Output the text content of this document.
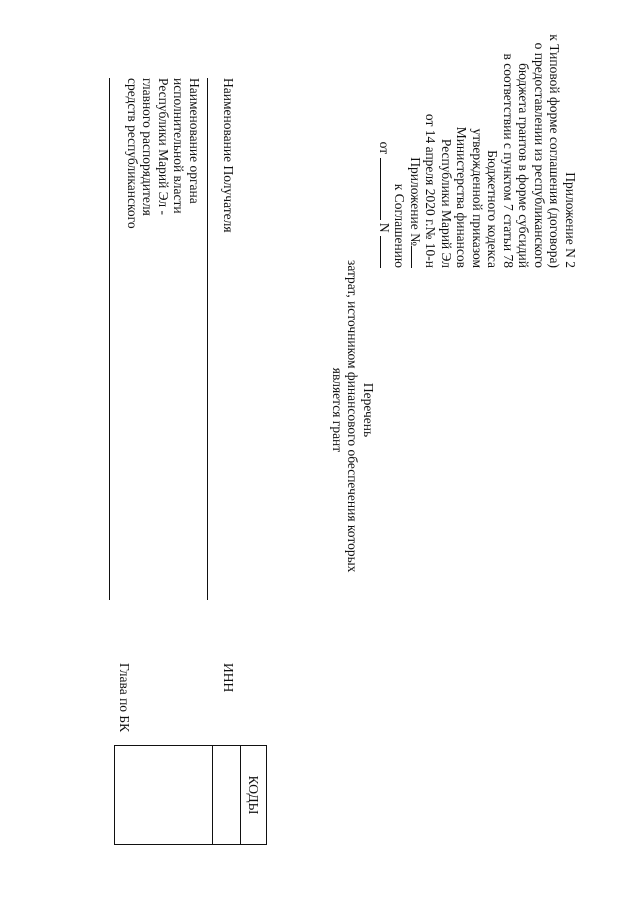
Приложение N 2
к Типовой форме соглашения (договора)
о предоставлении из республиканского
бюджета грантов в форме субсидий
в соответствии с пунктом 7 статьи 78
Бюджетного кодекса
утвержденной приказом
Министерства финансов
Республики Марий Эл
от 14 апреля 2020 г.№ 10-н
Приложение №
к Соглашению
от  N
Перечень
затрат, источником финансового обеспечения которых
является грант
Наименование Получателя
Наименование органа
исполнительной власти
Республики Марий Эл -
главного распорядителя
средств республиканского
ИНН
Глава по БК
КОДЫ
